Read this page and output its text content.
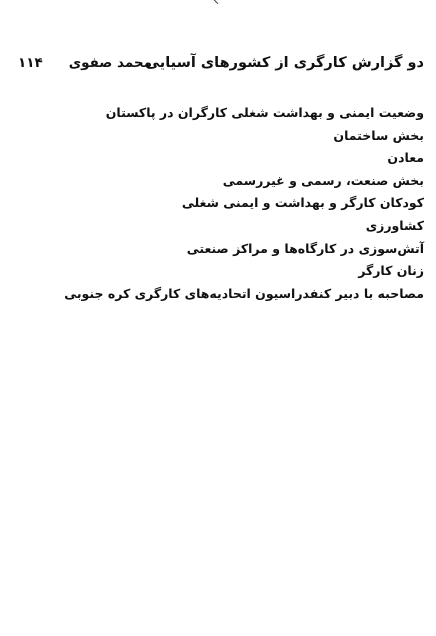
دو گزارش کارگری از کشورهای آسیایی
محمد صفوی
۱۱۴
وضعیت ایمنی و بهداشت شغلی کارگران در پاکستان
بخش ساختمان
معادن
بخش صنعت، رسمی و غیررسمی
کودکان کارگر و بهداشت و ایمنی شغلی
کشاورزی
آتش‌سوزی در کارگاه‌ها و مراکز صنعتی
زنان کارگر
مصاحبه با دبیر کنفدراسیون اتحادیه‌های کارگری کره جنوبی
